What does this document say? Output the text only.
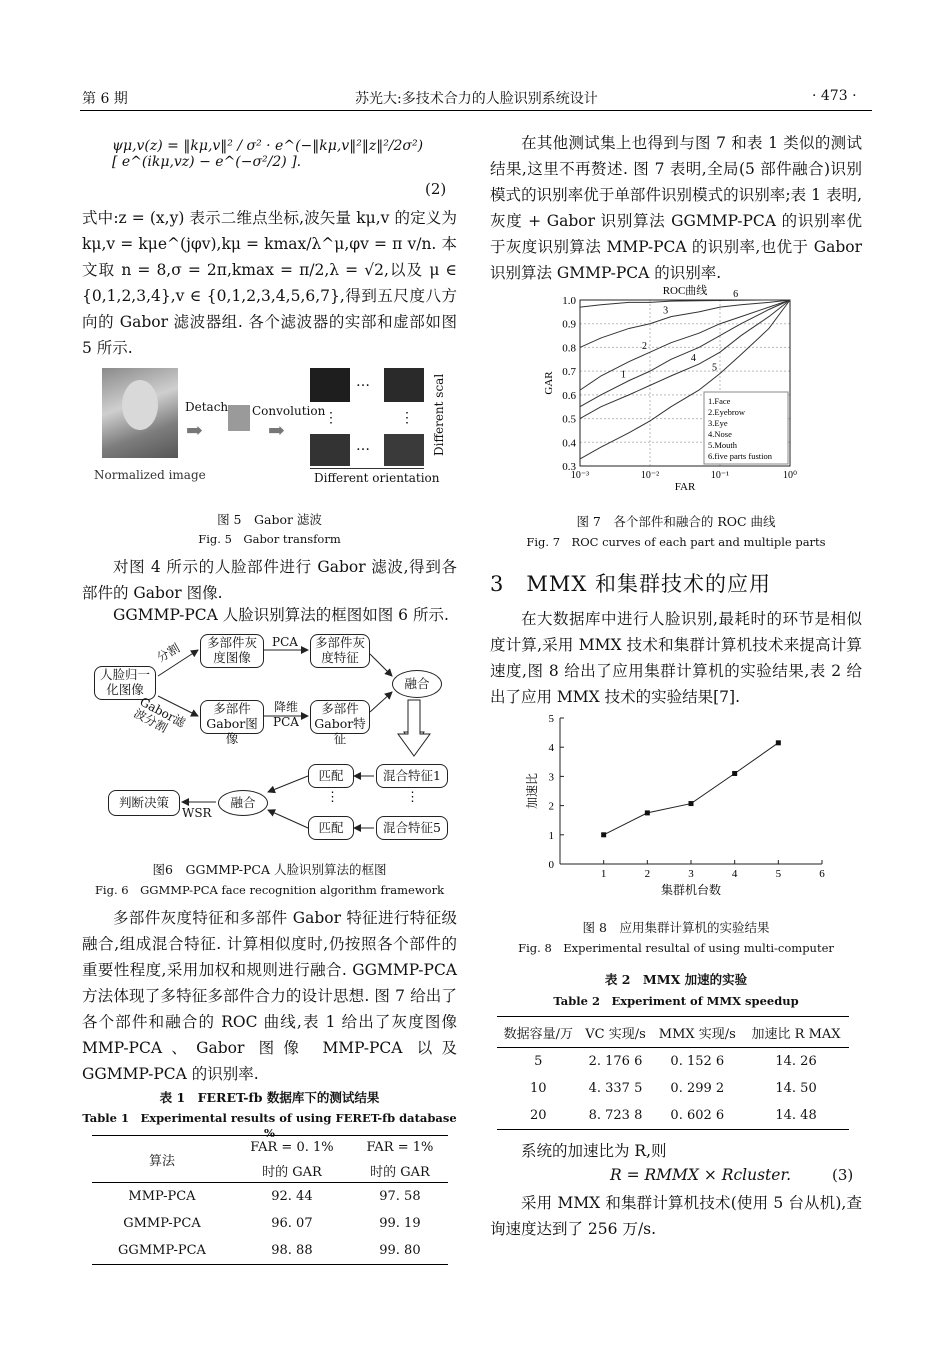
第 6 期	苏光大:多技术合力的人脸识别系统设计	· 473 ·
ψμ,v(z) = ‖kμ,v‖² / σ² · e^(−‖kμ,v‖²‖z‖²/2σ²) [ e^(ikμ,vz) − e^(−σ²/2) ].
(2)

式中:z = (x,y) 表示二维点坐标,波矢量 kμ,v 的定义为 kμ,v = kμe^(jφv),kμ = kmax/λ^μ,φv = π v/n. 本文取 n = 8,σ = 2π,kmax = π/2,λ = √2,以及 μ ∈ {0,1,2,3,4},v ∈ {0,1,2,3,4,5,6,7},得到五尺度八方向的 Gabor 滤波器组. 各个滤波器的实部和虚部如图 5 所示.

Normalized image
Detach
➡
Convolution
➡
…
⋮	⋮
…
Different orientation
Different scal
图 5　Gabor 滤波
Fig. 5　Gabor transform

对图 4 所示的人脸部件进行 Gabor 滤波,得到各部件的 Gabor 图像.

GGMMP-PCA 人脸识别算法的框图如图 6 所示.

人脸归一化图像
分割
Gabor滤波分割
多部件灰度图像
PCA	多部件灰度特征
多部件Gabor图像
降维PCA
多部件Gabor特征
融合
匹配	混合特征1
⋮	⋮
匹配	混合特征5
融合
WSR
判断决策
图6　GGMMP-PCA 人脸识别算法的框图
Fig. 6　GGMMP-PCA face recognition algorithm framework

多部件灰度特征和多部件 Gabor 特征进行特征级融合,组成混合特征. 计算相似度时,仍按照各个部件的重要性程度,采用加权和规则进行融合. GGMMP-PCA 方法体现了多特征多部件合力的设计思想. 图 7 给出了各个部件和融合的 ROC 曲线,表 1 给出了灰度图像 MMP-PCA、Gabor 图像 MMP-PCA 以及 GGMMP-PCA 的识别率.

表 1　FERET-fb 数据库下的测试结果
Table 1　Experimental results of using FERET-fb database %
算法	FAR = 0. 1%	FAR = 1%
	时的 GAR	时的 GAR
MMP-PCA	92. 44	97. 58
GMMP-PCA	96. 07	99. 19
GGMMP-PCA	98. 88	99. 80

在其他测试集上也得到与图 7 和表 1 类似的测试结果,这里不再赘述. 图 7 表明,全局(5 部件融合)识别模式的识别率优于单部件识别模式的识别率;表 1 表明,灰度 + Gabor 识别算法 GGMMP-PCA 的识别率优于灰度识别算法 MMP-PCA 的识别率,也优于 Gabor 识别算法 GMMP-PCA 的识别率.

ROC曲线
1.0
0.9
0.8
0.7
0.6
0.5
0.4
0.3
10⁻³	10⁻²	10⁻¹	10⁰
FAR
GAR	1
2
3
4
5
6
1.Face
2.Eyebrow
3.Eye
4.Nose
5.Mouth
6.five parts fustion
图 7　各个部件和融合的 ROC 曲线
Fig. 7　ROC curves of each part and multiple parts
3　MMX 和集群技术的应用

在大数据库中进行人脸识别,最耗时的环节是相似度计算,采用 MMX 技术和集群计算机技术来提高计算速度,图 8 给出了应用集群计算机的实验结果,表 2 给出了应用 MMX 技术的实验结果[7].

0
1
2
3
4
5
1	2	3	4	5	6
集群机台数
加速比
图 8　应用集群计算机的实验结果
Fig. 8　Experimental resultal of using multi-computer
表 2　MMX 加速的实验
Table 2　Experiment of MMX speedup
数据容量/万	VC 实现/s	MMX 实现/s	加速比 R MAX
5	2. 176 6	0. 152 6	14. 26
10	4. 337 5	0. 299 2	14. 50
20	8. 723 8	0. 602 6	14. 48

系统的加速比为 R,则

R = RMMX × Rcluster.	(3)

采用 MMX 和集群计算机技术(使用 5 台从机),查询速度达到了 256 万/s.
